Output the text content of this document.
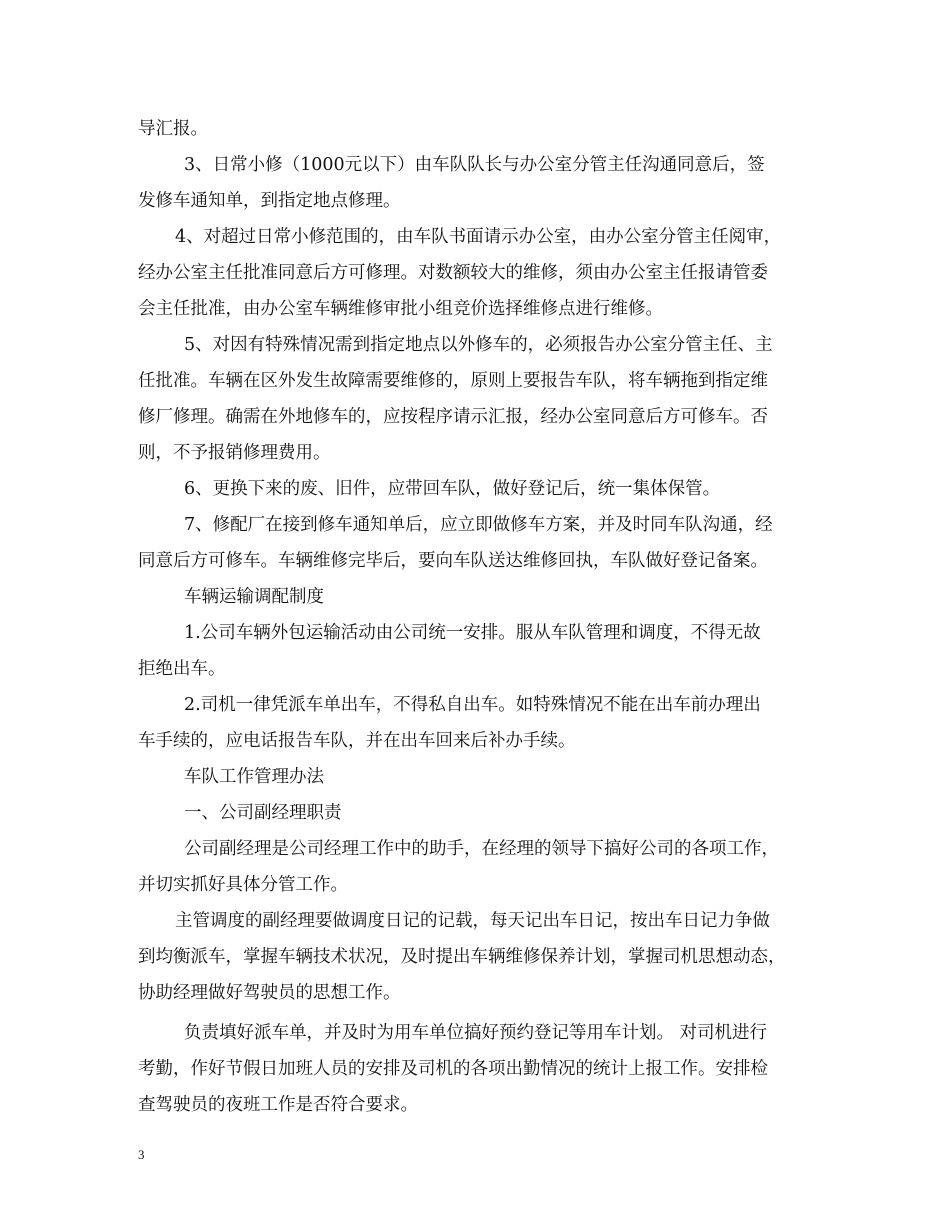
导汇报。
3、日常小修（1000元以下）由车队队长与办公室分管主任沟通同意后，签
发修车通知单，到指定地点修理。
4、对超过日常小修范围的，由车队书面请示办公室，由办公室分管主任阅审，
经办公室主任批准同意后方可修理。对数额较大的维修，须由办公室主任报请管委
会主任批准，由办公室车辆维修审批小组竞价选择维修点进行维修。
5、对因有特殊情况需到指定地点以外修车的，必须报告办公室分管主任、主
任批准。车辆在区外发生故障需要维修的，原则上要报告车队，将车辆拖到指定维
修厂修理。确需在外地修车的，应按程序请示汇报，经办公室同意后方可修车。否
则，不予报销修理费用。
6、更换下来的废、旧件，应带回车队，做好登记后，统一集体保管。
7、修配厂在接到修车通知单后，应立即做修车方案，并及时同车队沟通，经
同意后方可修车。车辆维修完毕后，要向车队送达维修回执，车队做好登记备案。
车辆运输调配制度
1.公司车辆外包运输活动由公司统一安排。服从车队管理和调度，不得无故
拒绝出车。
2.司机一律凭派车单出车，不得私自出车。如特殊情况不能在出车前办理出
车手续的，应电话报告车队，并在出车回来后补办手续。
车队工作管理办法
一、公司副经理职责
公司副经理是公司经理工作中的助手，在经理的领导下搞好公司的各项工作，
并切实抓好具体分管工作。
主管调度的副经理要做调度日记的记载，每天记出车日记，按出车日记力争做
到均衡派车，掌握车辆技术状况，及时提出车辆维修保养计划，掌握司机思想动态，
协助经理做好驾驶员的思想工作。
负责填好派车单，并及时为用车单位搞好预约登记等用车计划。 对司机进行
考勤，作好节假日加班人员的安排及司机的各项出勤情况的统计上报工作。安排检
查驾驶员的夜班工作是否符合要求。
3
